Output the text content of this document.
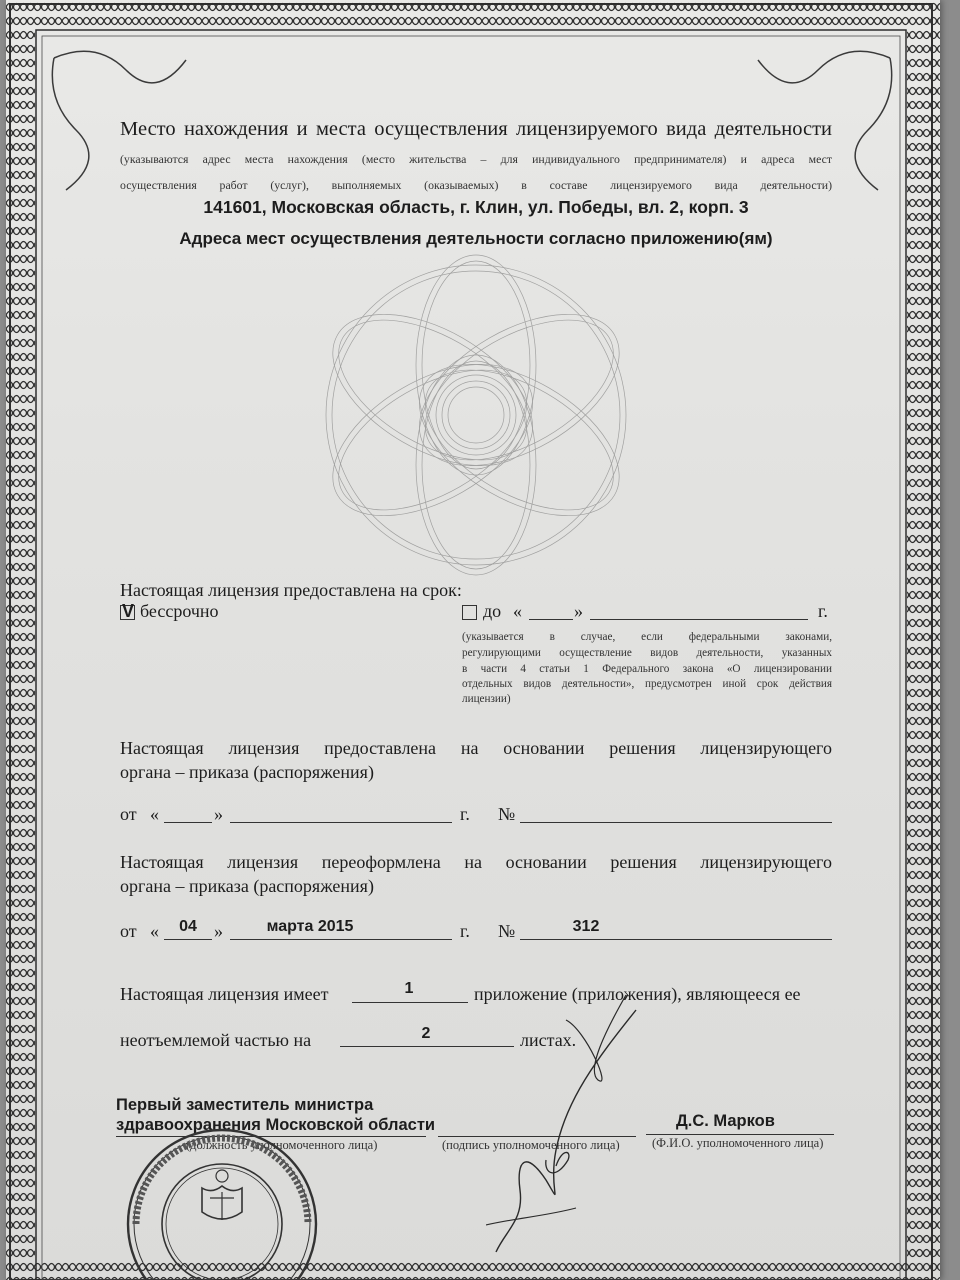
Место нахождения и места осуществления лицензируемого вида деятельности
(указываются адрес места нахождения (место жительства – для индивидуального предпринимателя) и адреса мест
осуществления работ (услуг), выполняемых (оказываемых) в составе лицензируемого вида деятельности)
141601, Московская область, г. Клин, ул. Победы, вл. 2, корп. 3
Адреса мест осуществления деятельности согласно приложению(ям)
Настоящая лицензия предоставлена на срок:
V бессрочно	до «	»	г.
(указывается в случае, если федеральными законами,
регулирующими осуществление видов деятельности, указанных
в части 4 статьи 1 Федерального закона «О лицензировании
отдельных видов деятельности», предусмотрен иной срок действия
лицензии)
Настоящая лицензия предоставлена на основании решения лицензирующего
органа – приказа (распоряжения)
от «	»	г. №
Настоящая лицензия переоформлена на основании решения лицензирующего
органа – приказа (распоряжения)
от «	04 »	марта 2015	г. №	312
Настоящая лицензия имеет	1	приложение (приложения), являющееся ее
неотъемлемой частью на	2	листах.
Первый заместитель министра
здравоохранения Московской области
(должность уполномоченного лица)	(подпись уполномоченного лица)
Д.С. Марков
(Ф.И.О. уполномоченного лица)
